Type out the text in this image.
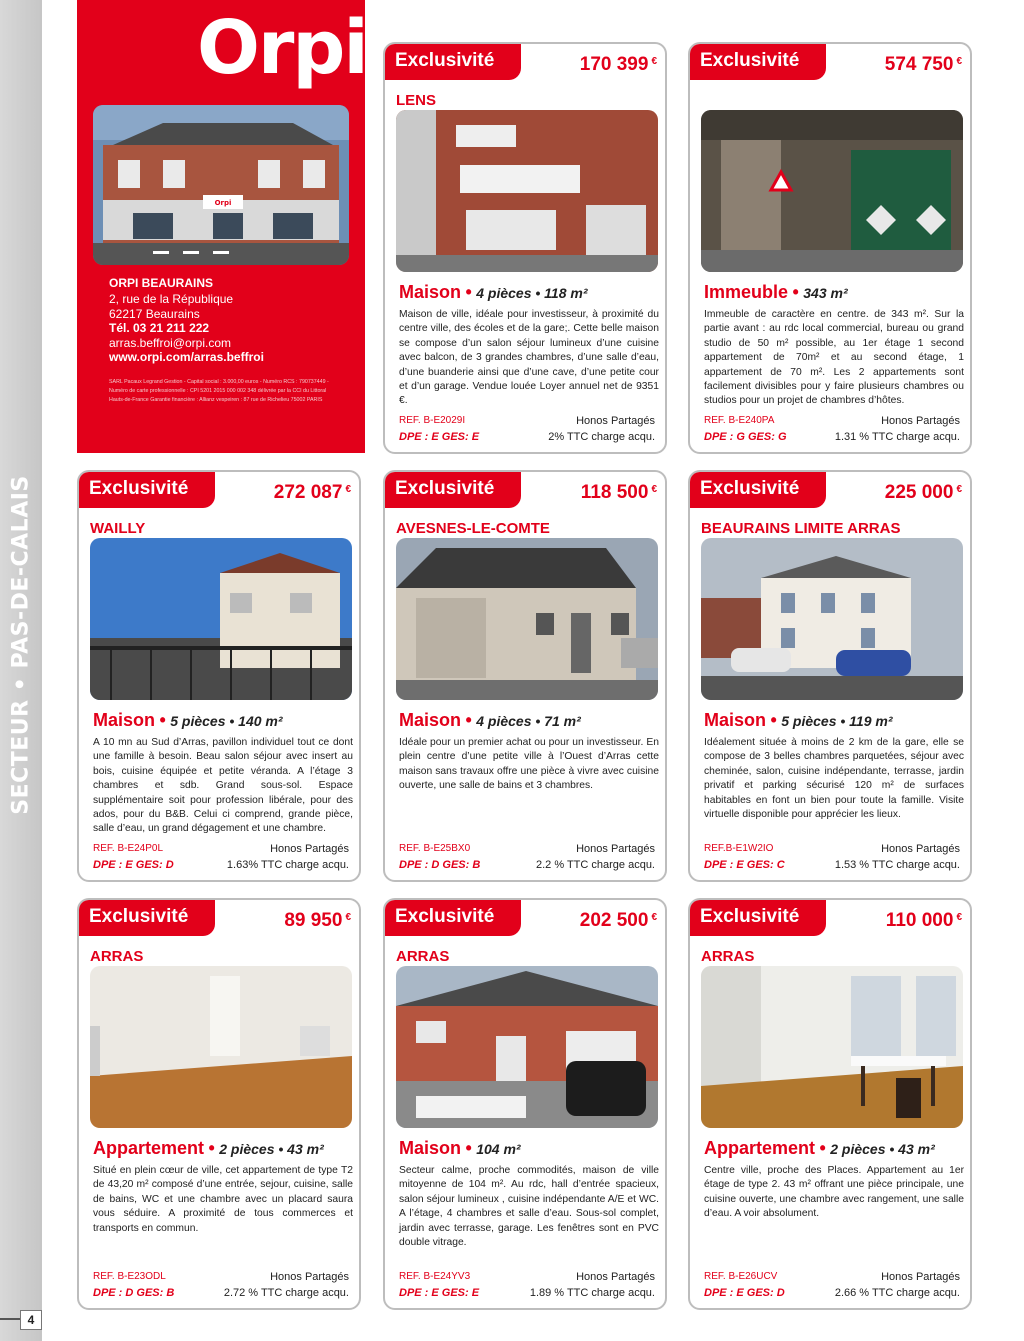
SECTEUR • PAS-DE-CALAIS
4
Orpi
Orpi
ORPI BEAURAINS
2, rue de la République
62217 Beaurains
Tél. 03 21 211 222
arras.beffroi@orpi.com
www.orpi.com/arras.beffroi
SARL Pacaux Legrand Gestion - Capital social : 3.000,00 euros - Numéro RCS : 790737449 -
Numéro de carte professionnelle : CPI 5201 2015 000 002 348 délivrée par la CCI du Littoral
Hauts-de-France Garantie financière : Allianz vespeiren : 87 rue de Richelieu 75002 PARIS
Exclusivité	170 399 €
LENS
Maison • 4 pièces • 118 m²
Maison de ville, idéale pour investisseur, à proximité du centre ville, des écoles et de la gare;. Cette belle maison se compose d’un salon séjour lumineux d’une cuisine avec balcon, de 3 grandes chambres, d’une salle d’eau, d’une buanderie ainsi que d’une cave, d’une petite cour et d’un garage. Vendue louée Loyer annuel net de 9351 €.
REF. B-E2029I	Honos Partagés
DPE : E GES: E	2% TTC charge acqu.
Exclusivité	574 750 €
Immeuble • 343 m²
Immeuble de caractère en centre. de 343 m². Sur la partie avant : au rdc local commercial, bureau ou grand studio de 50 m² possible, au 1er étage 1 second appartement de 70m² et au second étage, 1 appartement de 70 m². Les 2 appartements sont facilement divisibles pour y faire plusieurs chambres ou studios pour un projet de chambres d’hôtes.
REF. B-E240PA	Honos Partagés
DPE : G GES: G	1.31 % TTC charge acqu.
Exclusivité	272 087 €
WAILLY
Maison • 5 pièces • 140 m²
A 10 mn au Sud d’Arras, pavillon individuel tout ce dont une famille à besoin. Beau salon séjour avec insert au bois, cuisine équipée et petite véranda. A l’étage 3 chambres et sdb. Grand sous-sol. Espace supplémentaire soit pour profession libérale, pour des ados, pour du B&B. Celui ci comprend, grande pièce, salle d’eau, un grand dégagement et une chambre.
REF. B-E24P0L	Honos Partagés
DPE : E GES: D	1.63% TTC charge acqu.
Exclusivité	118 500 €
AVESNES-LE-COMTE
Maison • 4 pièces • 71 m²
Idéale pour un premier achat ou pour un investisseur. En plein centre d’une petite ville à l’Ouest d’Arras cette maison sans travaux offre une pièce à vivre avec cuisine ouverte, une salle de bains et 3 chambres.
REF. B-E25BX0	Honos Partagés
DPE : D GES: B	2.2 % TTC charge acqu.
Exclusivité	225 000 €
BEAURAINS LIMITE ARRAS
Maison • 5 pièces • 119 m²
Idéalement située à moins de 2 km de la gare, elle se compose de 3 belles chambres parquetées, séjour avec cheminée, salon, cuisine indépendante, terrasse, jardin privatif et parking sécurisé 120 m² de surfaces habitables en font un bien pour toute la famille. Visite virtuelle disponible pour apprécier les lieux.
REF.B-E1W2IO	Honos Partagés
DPE : E GES: C	1.53 % TTC charge acqu.
Exclusivité	89 950 €
ARRAS
Appartement • 2 pièces • 43 m²
Situé en plein cœur de ville, cet appartement de type T2 de 43,20 m² composé d’une entrée, sejour, cuisine, salle de bains, WC et une chambre avec un placard saura vous séduire. A proximité de tous commerces et transports en commun.
REF. B-E23ODL	Honos Partagés
DPE : D GES: B	2.72 % TTC charge acqu.
Exclusivité	202 500 €
ARRAS
Maison • 104 m²
Secteur calme, proche commodités, maison de ville mitoyenne de 104 m². Au rdc, hall d’entrée spacieux, salon séjour lumineux , cuisine indépendante A/E et WC. A l’étage, 4 chambres et salle d’eau. Sous-sol complet, jardin avec terrasse, garage. Les fenêtres sont en PVC double vitrage.
REF. B-E24YV3	Honos Partagés
DPE : E GES: E	1.89 % TTC charge acqu.
Exclusivité	110 000 €
ARRAS
Appartement • 2 pièces • 43 m²
Centre ville, proche des Places. Appartement au 1er étage de type 2. 43 m² offrant une pièce principale, une cuisine ouverte, une chambre avec rangement, une salle d’eau. A voir absolument.
REF. B-E26UCV	Honos Partagés
DPE : E GES: D	2.66 % TTC charge acqu.
